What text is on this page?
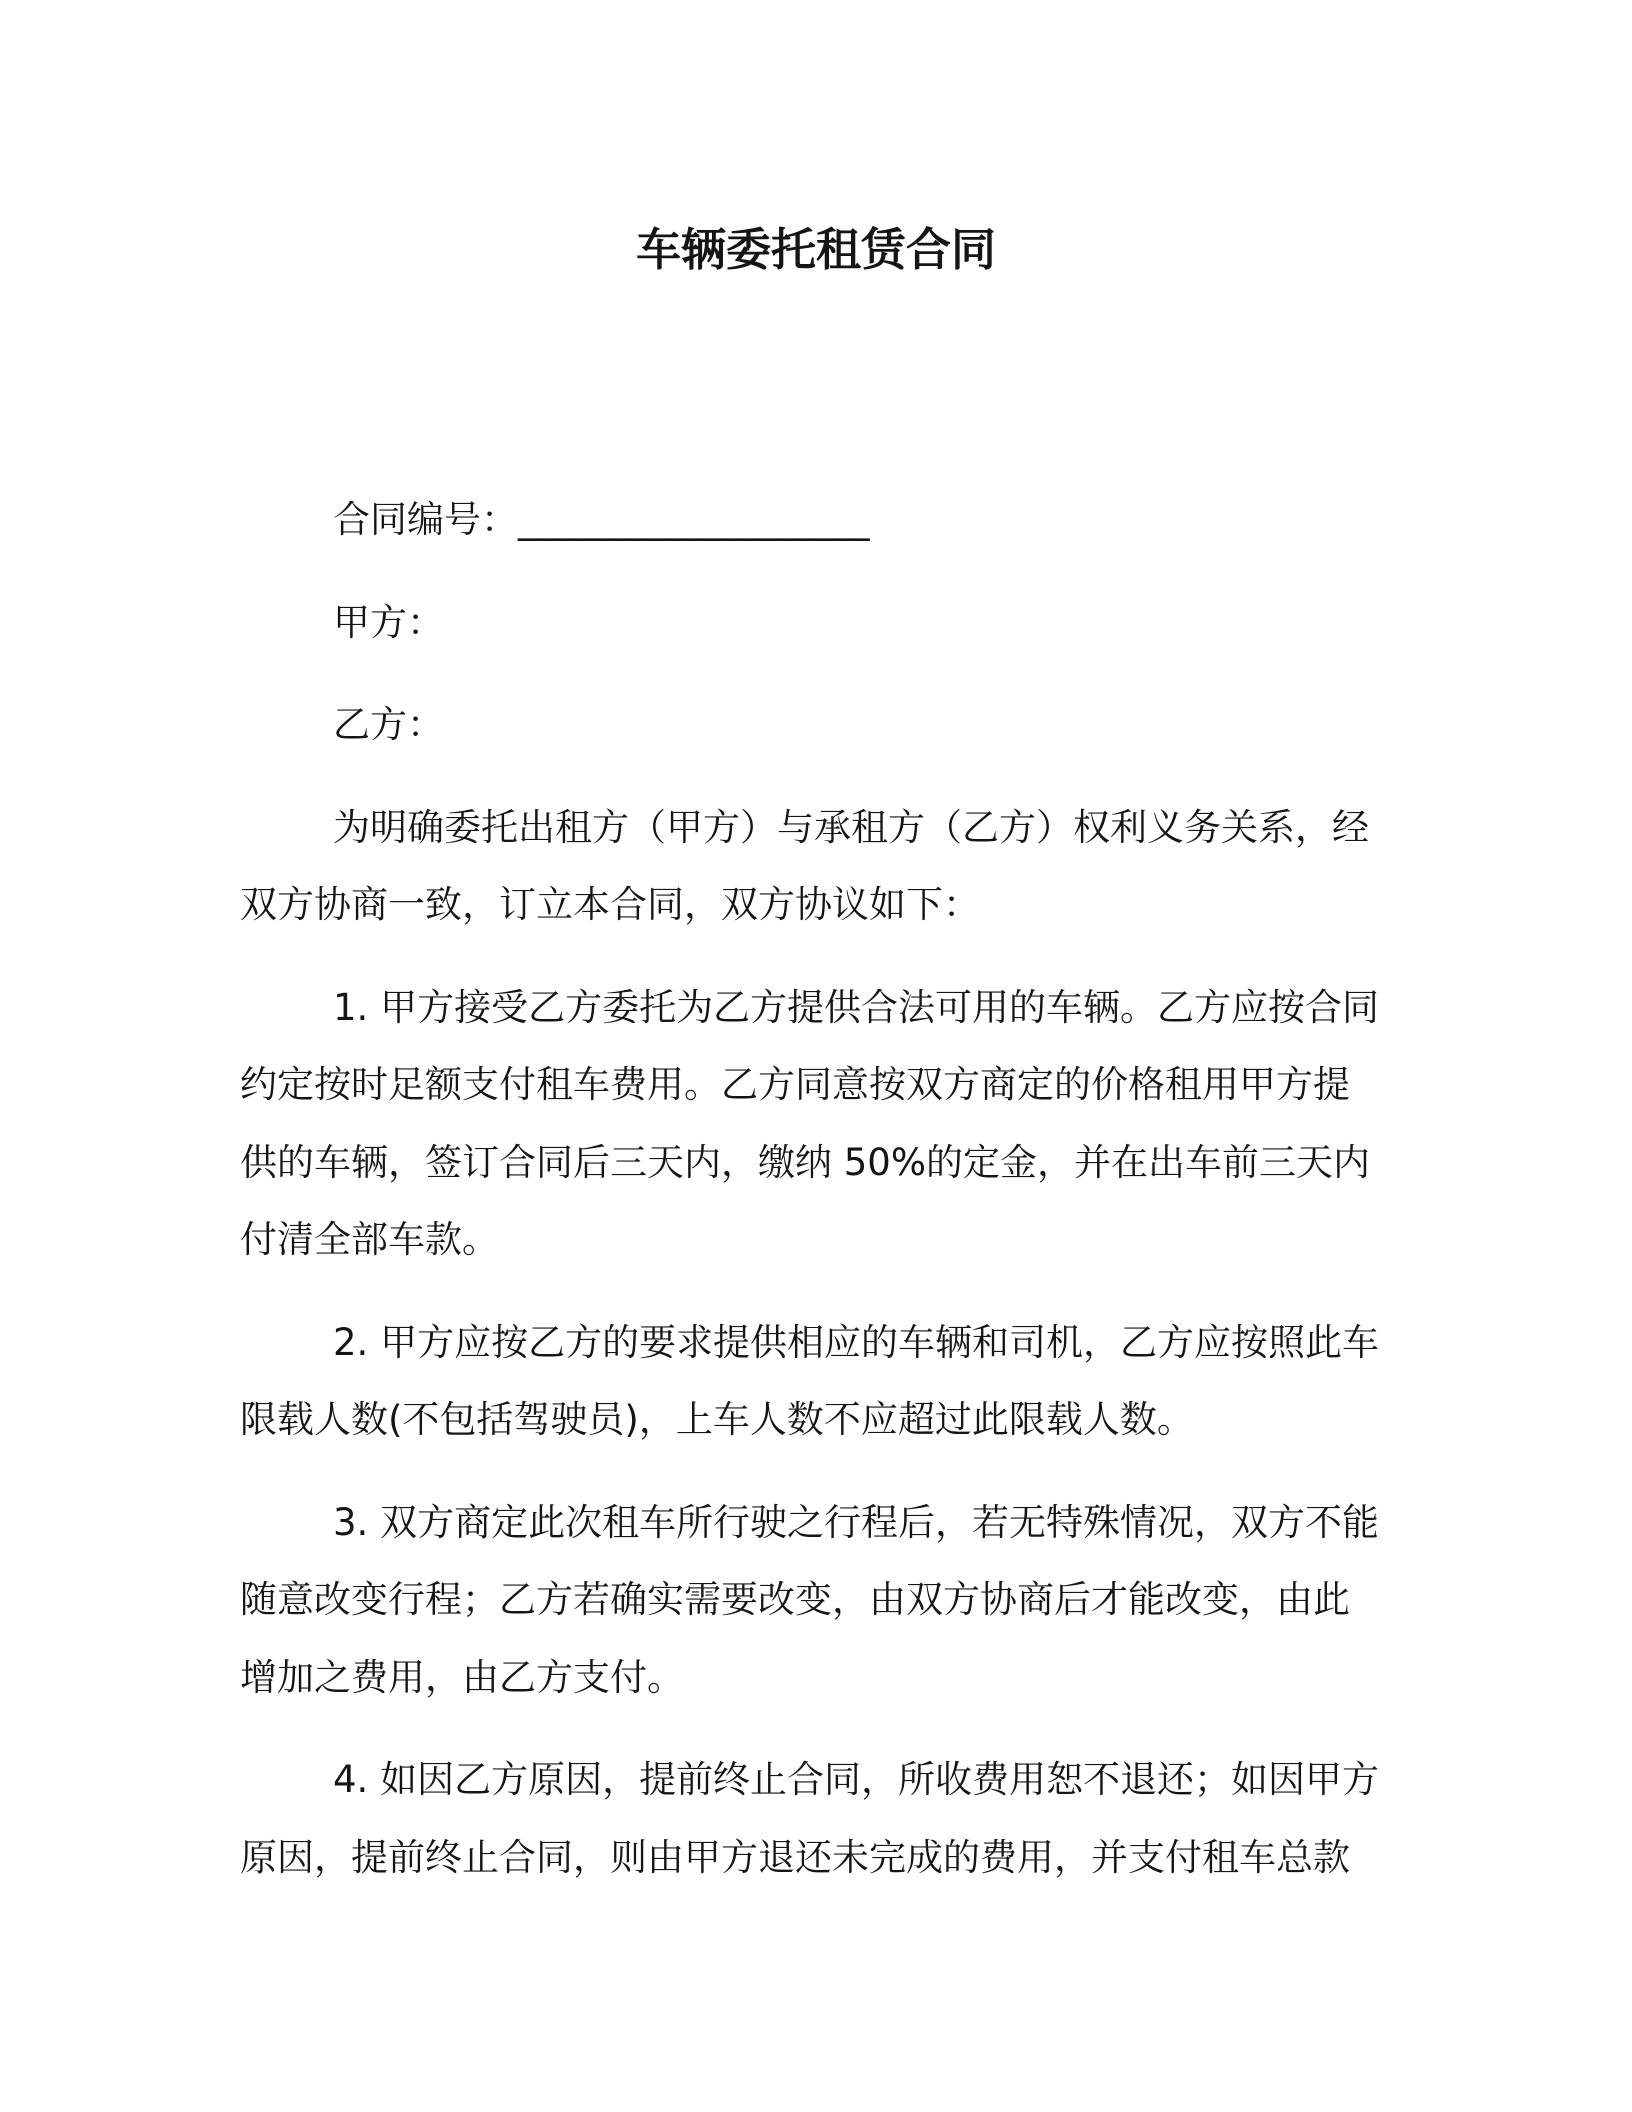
车辆委托租赁合同
合同编号：___________________
甲方：
乙方：
为明确委托出租方（甲方）与承租方（乙方）权利义务关系，经
双方协商一致，订立本合同，双方协议如下：
1. 甲方接受乙方委托为乙方提供合法可用的车辆。乙方应按合同
约定按时足额支付租车费用。乙方同意按双方商定的价格租用甲方提
供的车辆，签订合同后三天内，缴纳 50%的定金，并在出车前三天内
付清全部车款。
2. 甲方应按乙方的要求提供相应的车辆和司机，乙方应按照此车
限载人数(不包括驾驶员)，上车人数不应超过此限载人数。
3. 双方商定此次租车所行驶之行程后，若无特殊情况，双方不能
随意改变行程；乙方若确实需要改变，由双方协商后才能改变，由此
增加之费用，由乙方支付。
4. 如因乙方原因，提前终止合同，所收费用恕不退还；如因甲方
原因，提前终止合同，则由甲方退还未完成的费用，并支付租车总款
